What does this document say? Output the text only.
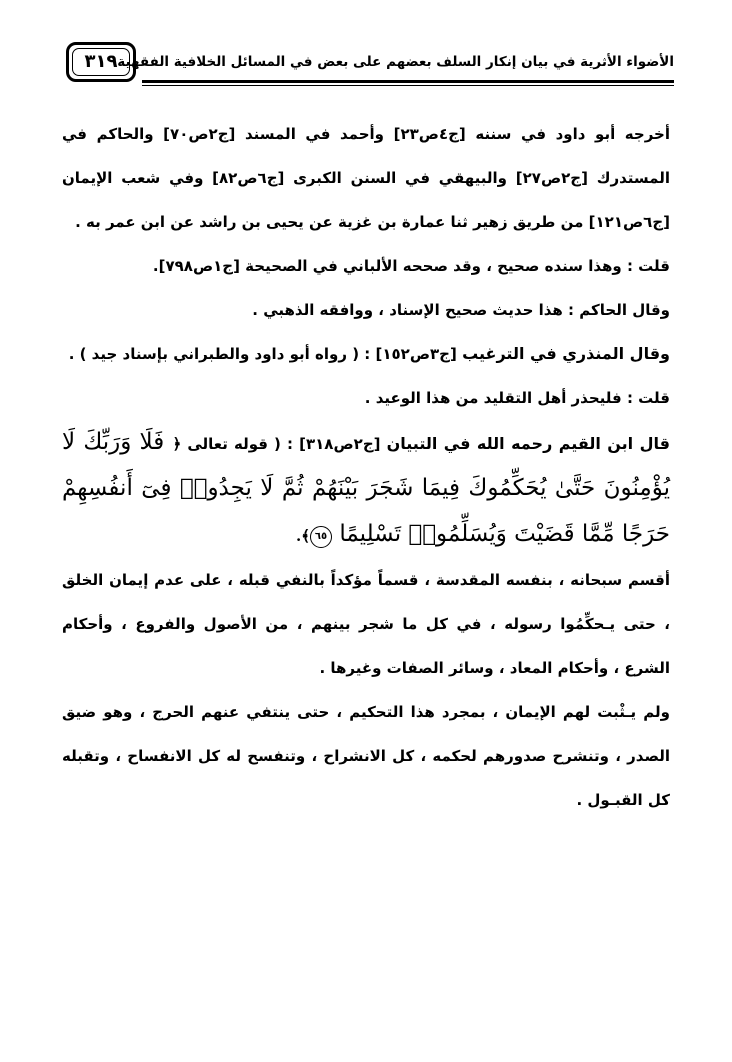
٣١٩ الأضواء الأثرية في بيان إنكار السلف بعضهم على بعض في المسائل الخلافية الفقهية

أخرجه أبو داود في سننه [ج٤ص٢٣] وأحمد في المسند [ج٢ص٧٠] والحاكم في المستدرك [ج٢ص٢٧] والبيهقي في السنن الكبرى [ج٦ص٨٢] وفي شعب الإيمان [ج٦ص١٢١] من طريق زهير ثنا عمارة بن غزية عن يحيى بن راشد عن ابن عمر به .

قلت : وهذا سنده صحيح ، وقد صححه الألباني في الصحيحة [ج١ص٧٩٨].

وقال الحاكم : هذا حديث صحيح الإسناد ، ووافقه الذهبي .

وقال المنذري في الترغيب [ج٣ص١٥٢] : ( رواه أبو داود والطبراني بإسناد جيد ) .

قلت : فليحذر أهل التقليد من هذا الوعيد .

قال ابن القيم رحمه الله في التبيان [ج٢ص٣١٨] : ( قوله تعالى ﴿ فَلَا وَرَبِّكَ لَا يُؤْمِنُونَ حَتَّىٰ يُحَكِّمُوكَ فِيمَا شَجَرَ بَيْنَهُمْ ثُمَّ لَا يَجِدُوا۟ فِىٓ أَنفُسِهِمْ حَرَجًا مِّمَّا قَضَيْتَ وَيُسَلِّمُوا۟ تَسْلِيمًا ٦٥﴾.

أقسم سبحانه ، بنفسه المقدسة ، قسماً مؤكداً بالنفي قبله ، على عدم إيمان الخلق ، حتى يـحكِّمُوا رسوله ، في كل ما شجر بينهم ، من الأصول والفروع ، وأحكام الشرع ، وأحكام المعاد ، وسائر الصفات وغيرها .

ولم يـثْبت لهم الإيمان ، بمجرد هذا التحكيم ، حتى ينتفي عنهم الحرج ، وهو ضيق الصدر ، وتنشرح صدورهم لحكمه ، كل الانشراح ، وتنفسح له كل الانفساح ، وتقبله كل القبـول .
